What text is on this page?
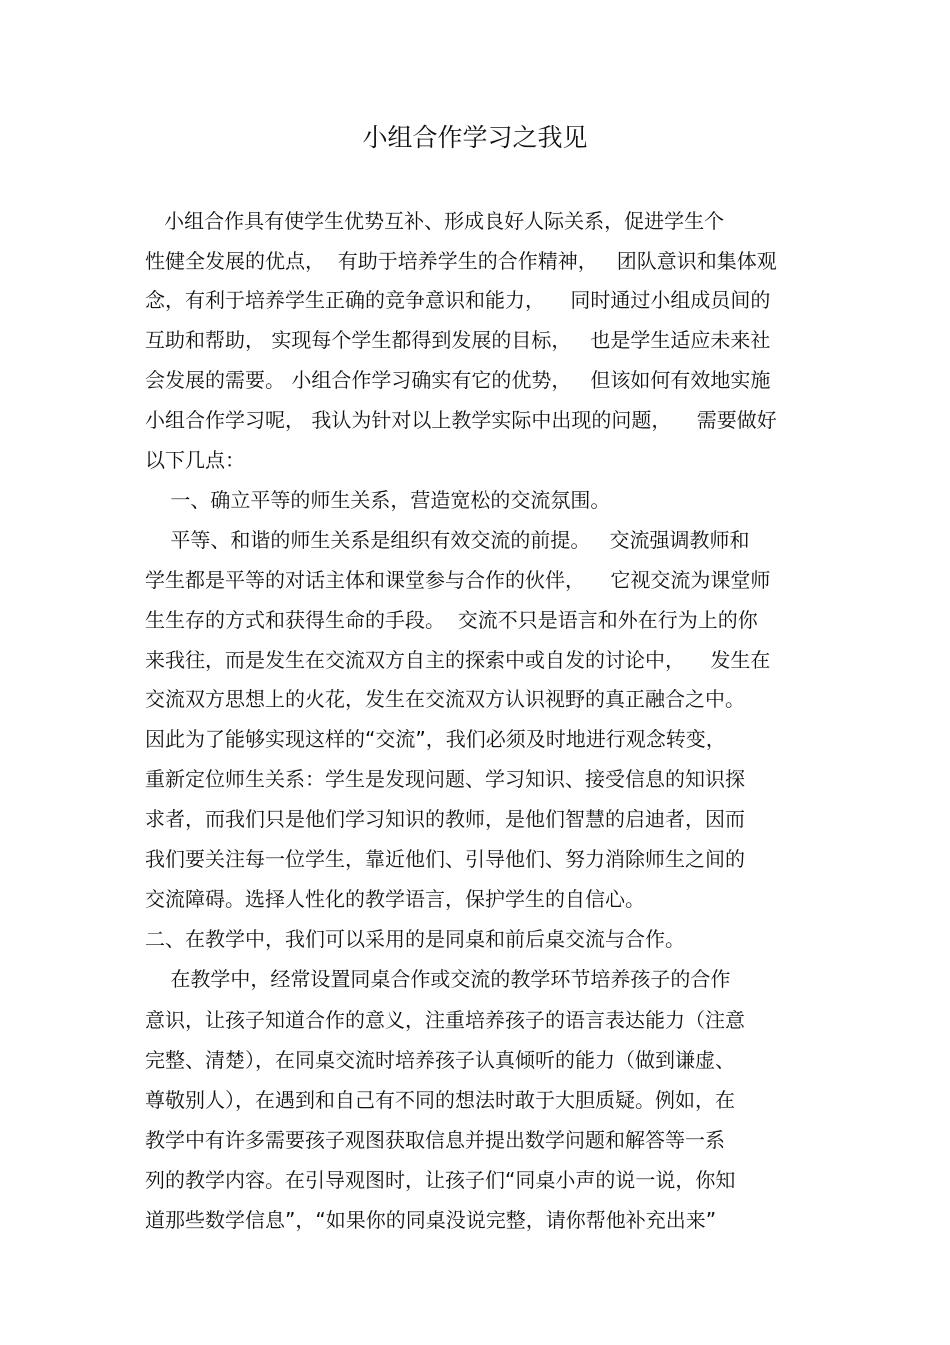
小组合作学习之我见
小组合作具有使学生优势互补、形成良好人际关系，促进学生个
性健全发展的优点，  有助于培养学生的合作精神，   团队意识和集体观
念，有利于培养学生正确的竞争意识和能力，    同时通过小组成员间的
互助和帮助， 实现每个学生都得到发展的目标，   也是学生适应未来社
会发展的需要。 小组合作学习确实有它的优势，   但该如何有效地实施
小组合作学习呢， 我认为针对以上教学实际中出现的问题，    需要做好
以下几点：
一、确立平等的师生关系，营造宽松的交流氛围。
平等、和谐的师生关系是组织有效交流的前提。   交流强调教师和
学生都是平等的对话主体和课堂参与合作的伙伴，    它视交流为课堂师
生生存的方式和获得生命的手段。  交流不只是语言和外在行为上的你
来我往，而是发生在交流双方自主的探索中或自发的讨论中，    发生在
交流双方思想上的火花，发生在交流双方认识视野的真正融合之中。
因此为了能够实现这样的“交流”，我们必须及时地进行观念转变，
重新定位师生关系：学生是发现问题、学习知识、接受信息的知识探
求者，而我们只是他们学习知识的教师，是他们智慧的启迪者，因而
我们要关注每一位学生，靠近他们、引导他们、努力消除师生之间的
交流障碍。选择人性化的教学语言，保护学生的自信心。
二、在教学中，我们可以采用的是同桌和前后桌交流与合作。
在教学中，经常设置同桌合作或交流的教学环节培养孩子的合作
意识，让孩子知道合作的意义，注重培养孩子的语言表达能力（注意
完整、清楚），在同桌交流时培养孩子认真倾听的能力（做到谦虚、
尊敬别人），在遇到和自己有不同的想法时敢于大胆质疑。例如，在
教学中有许多需要孩子观图获取信息并提出数学问题和解答等一系
列的教学内容。在引导观图时，让孩子们“同桌小声的说一说，你知
道那些数学信息”，“如果你的同桌没说完整，请你帮他补充出来”
